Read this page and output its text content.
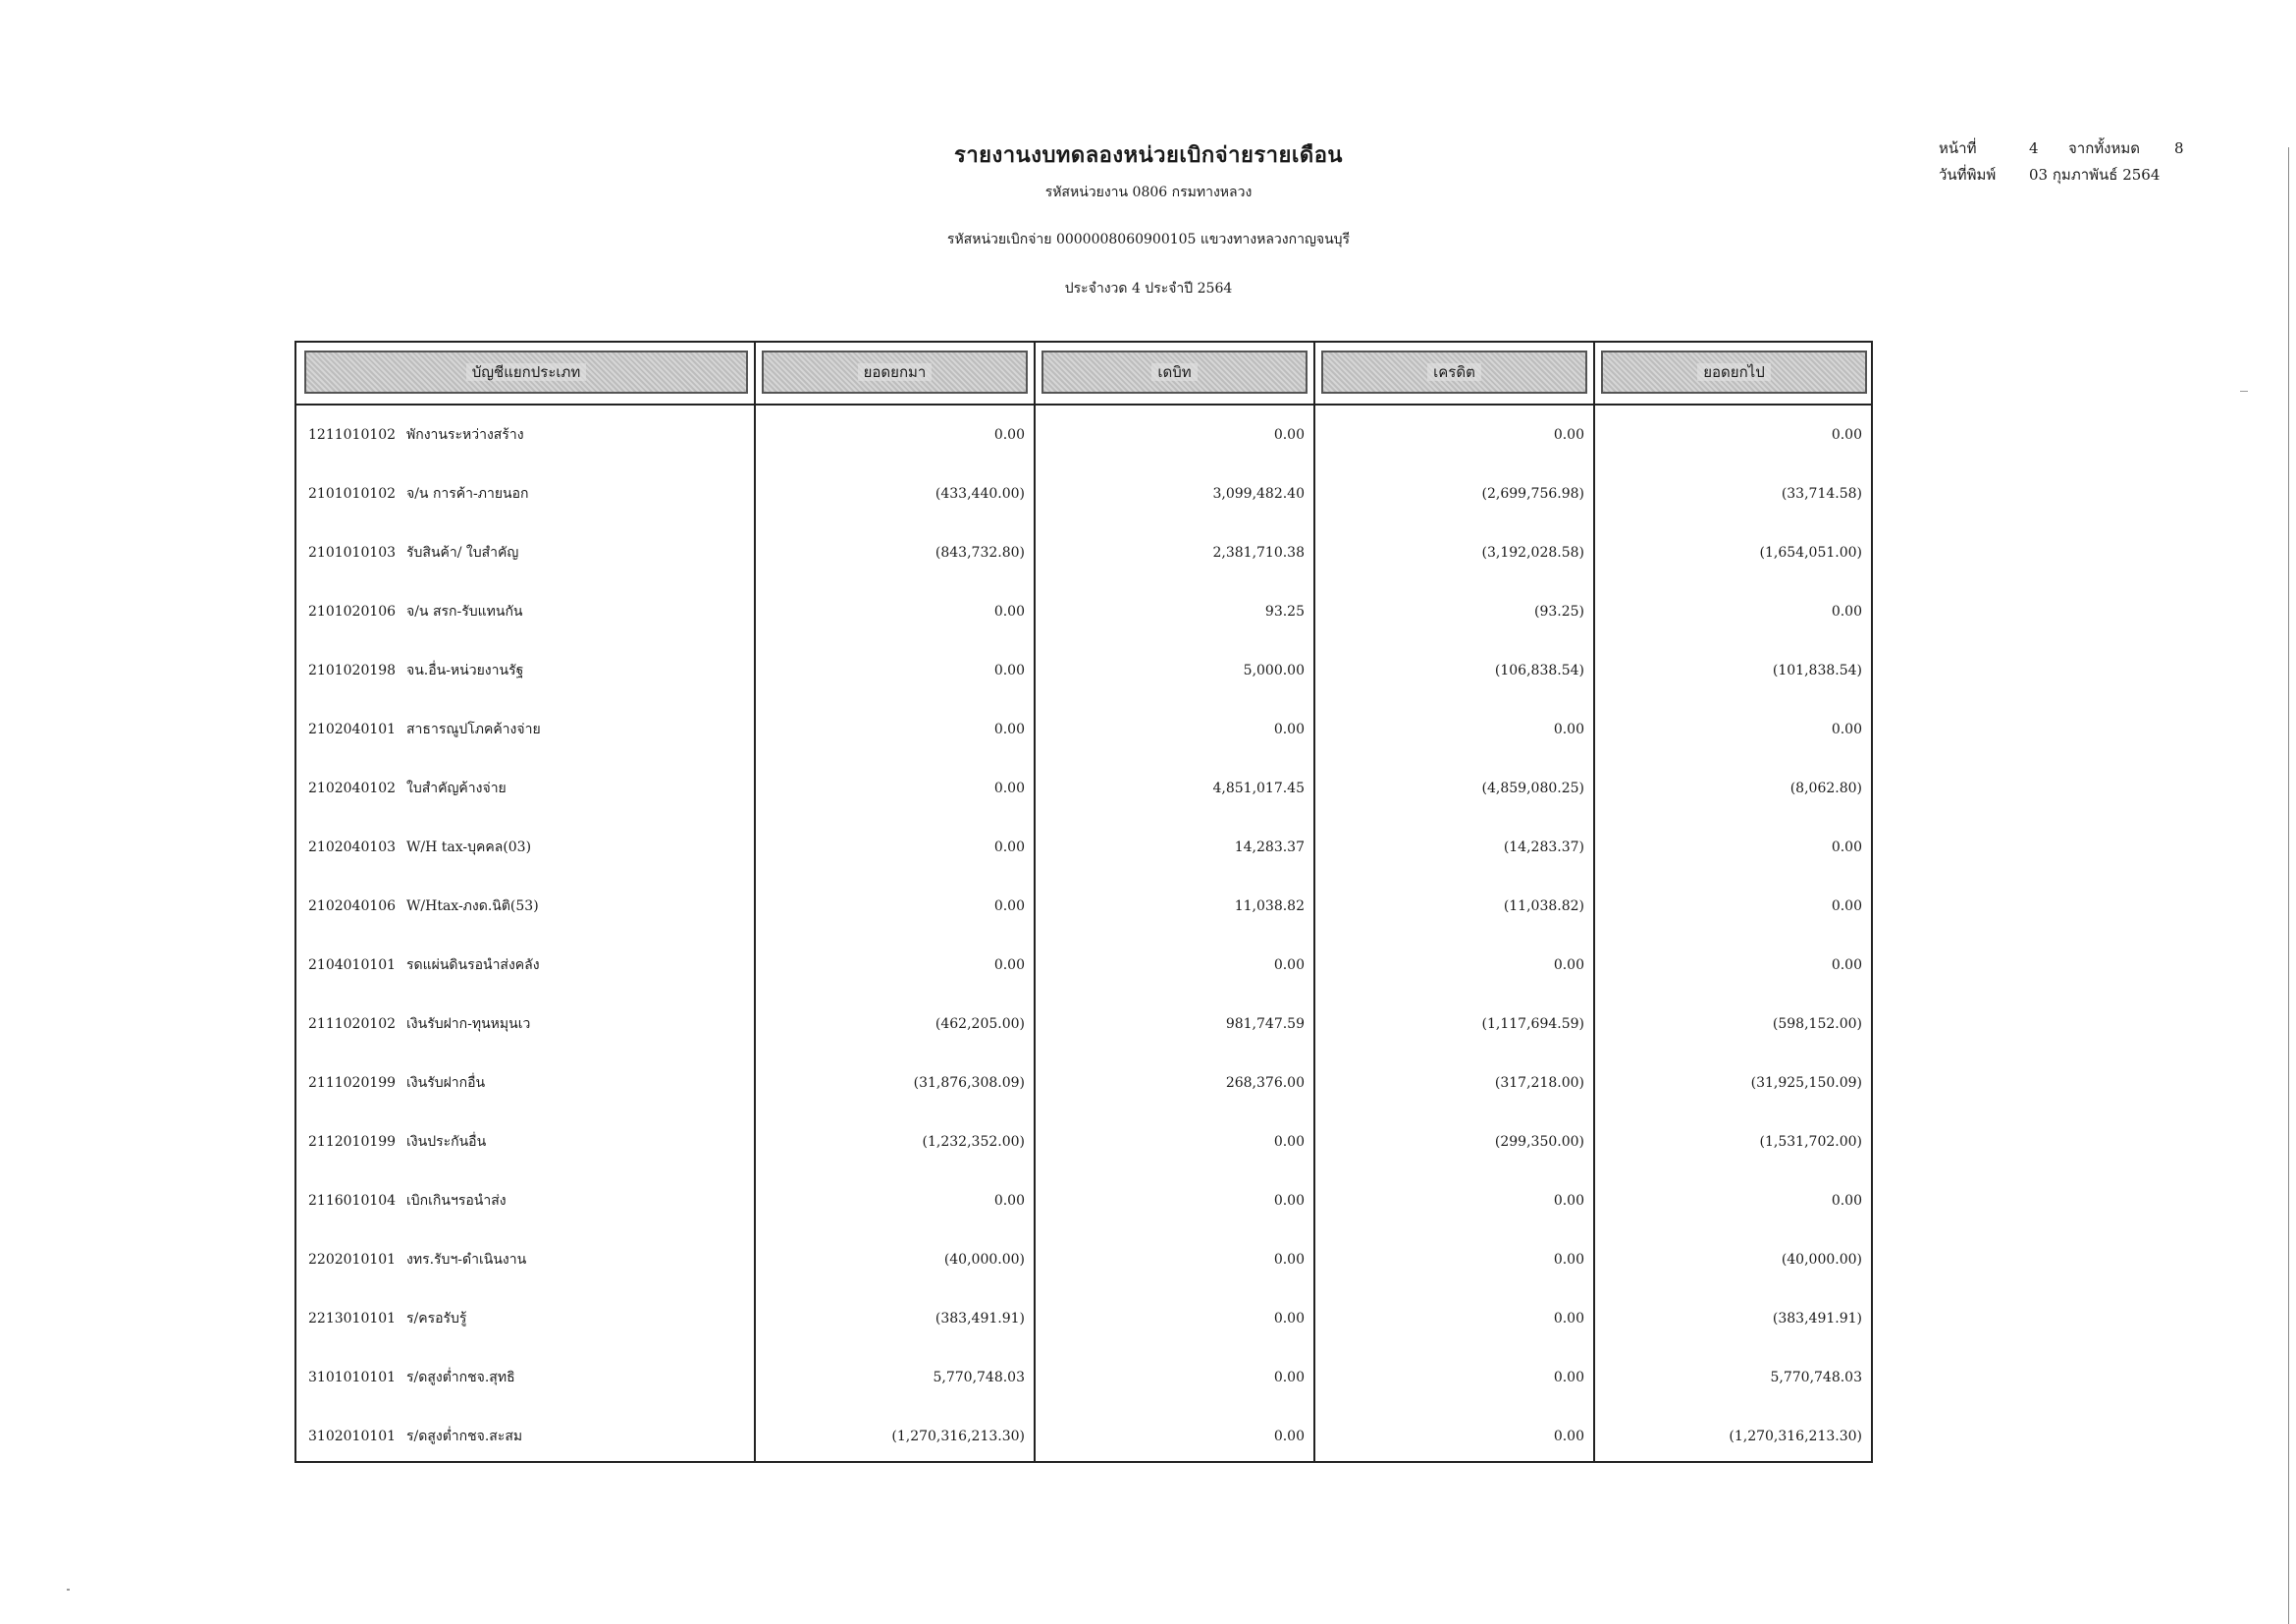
หน้าที่	4	จากทั้งหมด	8
วันที่พิมพ์	03 กุมภาพันธ์ 2564

รายงานงบทดลองหน่วยเบิกจ่ายรายเดือน

รหัสหน่วยงาน 0806 กรมทางหลวง

รหัสหน่วยเบิกจ่าย 0000008060900105 แขวงทางหลวงกาญจนบุรี

ประจำงวด 4 ประจำปี 2564

บัญชีแยกประเภท	ยอดยกมา	เดบิท	เครดิต	ยอดยกไป
1211010102 พักงานระหว่างสร้าง	0.00	0.00	0.00	0.00
2101010102 จ/น การค้า-ภายนอก	(433,440.00)	3,099,482.40	(2,699,756.98)	(33,714.58)
2101010103 รับสินค้า/ ใบสำคัญ	(843,732.80)	2,381,710.38	(3,192,028.58)	(1,654,051.00)
2101020106 จ/น สรก-รับแทนกัน	0.00	93.25	(93.25)	0.00
2101020198 จน.อื่น-หน่วยงานรัฐ	0.00	5,000.00	(106,838.54)	(101,838.54)
2102040101 สาธารณูปโภคค้างจ่าย	0.00	0.00	0.00	0.00
2102040102 ใบสำคัญค้างจ่าย	0.00	4,851,017.45	(4,859,080.25)	(8,062.80)
2102040103 W/H tax-บุคคล(03)	0.00	14,283.37	(14,283.37)	0.00
2102040106 W/Htax-ภงด.นิติ(53)	0.00	11,038.82	(11,038.82)	0.00
2104010101 รดแผ่นดินรอนำส่งคลัง	0.00	0.00	0.00	0.00
2111020102 เงินรับฝาก-ทุนหมุนเว	(462,205.00)	981,747.59	(1,117,694.59)	(598,152.00)
2111020199 เงินรับฝากอื่น	(31,876,308.09)	268,376.00	(317,218.00)	(31,925,150.09)
2112010199 เงินประกันอื่น	(1,232,352.00)	0.00	(299,350.00)	(1,531,702.00)
2116010104 เบิกเกินฯรอนำส่ง	0.00	0.00	0.00	0.00
2202010101 งทร.รับฯ-ดำเนินงาน	(40,000.00)	0.00	0.00	(40,000.00)
2213010101 ร/ครอรับรู้	(383,491.91)	0.00	0.00	(383,491.91)
3101010101 ร/ดสูงต่ำกชจ.สุทธิ	5,770,748.03	0.00	0.00	5,770,748.03
3102010101 ร/ดสูงต่ำกชจ.สะสม	(1,270,316,213.30)	0.00	0.00	(1,270,316,213.30)
